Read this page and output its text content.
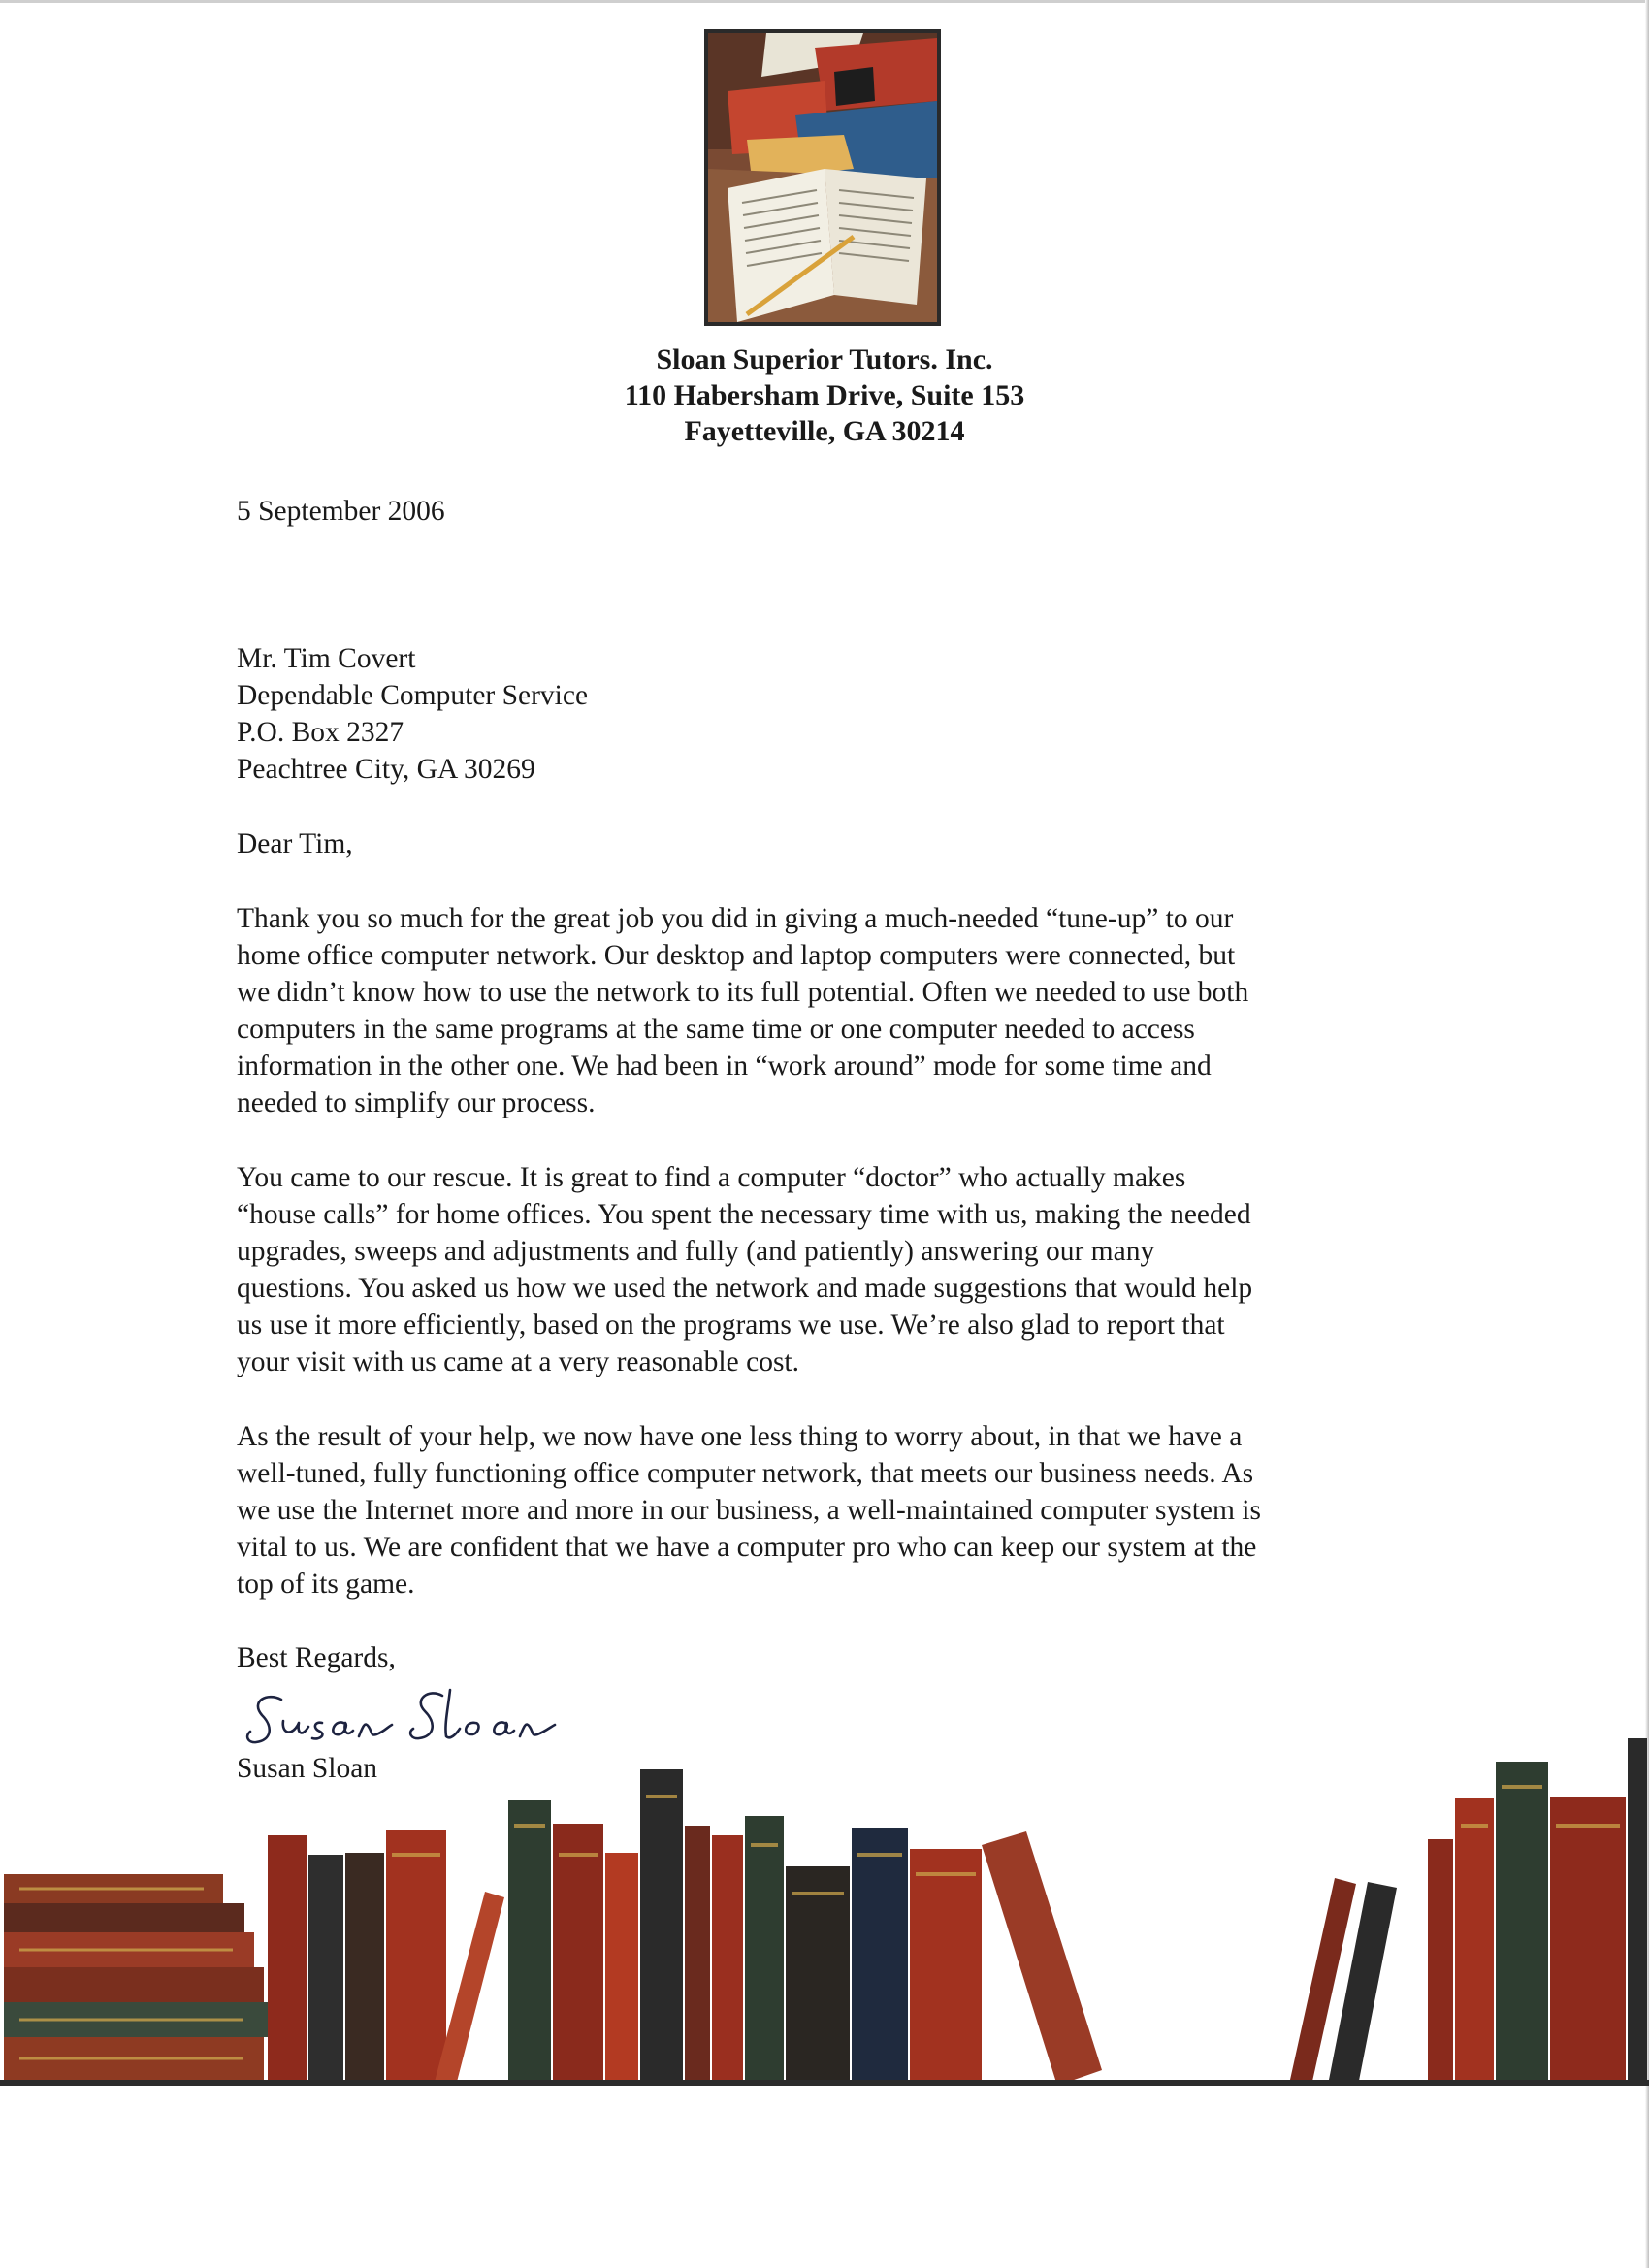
Sloan Superior Tutors. Inc.
110 Habersham Drive, Suite 153
Fayetteville, GA 30214
5 September 2006
Mr. Tim Covert
Dependable Computer Service
P.O. Box 2327
Peachtree City, GA 30269
Dear Tim,
Thank you so much for the great job you did in giving a much-needed “tune-up” to our
home office computer network. Our desktop and laptop computers were connected, but
we didn’t know how to use the network to its full potential. Often we needed to use both
computers in the same programs at the same time or one computer needed to access
information in the other one. We had been in “work around” mode for some time and
needed to simplify our process.
You came to our rescue. It is great to find a computer “doctor” who actually makes
“house calls” for home offices. You spent the necessary time with us, making the needed
upgrades, sweeps and adjustments and fully (and patiently) answering our many
questions. You asked us how we used the network and made suggestions that would help
us use it more efficiently, based on the programs we use. We’re also glad to report that
your visit with us came at a very reasonable cost.
As the result of your help, we now have one less thing to worry about, in that we have a
well-tuned, fully functioning office computer network, that meets our business needs. As
we use the Internet more and more in our business, a well-maintained computer system is
vital to us. We are confident that we have a computer pro who can keep our system at the
top of its game.
Best Regards,
Susan Sloan
